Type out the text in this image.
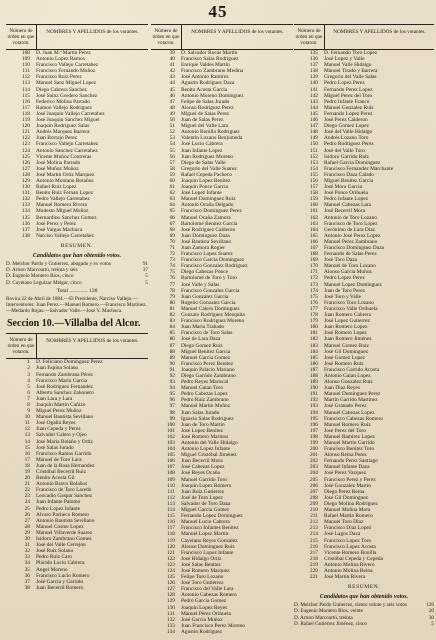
45
Número de órden en que votaron.
NOMBRES Y APELLIDOS de los votantes.
108	D. Juan M.ª Martin Perez
109	Antonio Lopez Ramos
110	Francisco Vallejo Carretahez
111	Francisco Fernando Muñoz
112	Francisco Ruiz Perez
113	Manuel Sanz Miguel Lopez
114	Diego Cabrera Sanchez
115	José Sainz Gordero Sanchez
116	Federico Molina Parrado
117	Ramon Vallejo Rodriguez
118	José Joaquin Vallejo Carretahez
119	José Joaquin Sanchez Miguel
120	Joaquin Rodriguez Salas
121	Andrés Marquez Barrera
122	Juan Borrajo Perez
123	Francisco Vallejo Carretahez
124	Antonio Sanchez Carretahez
125	Vicente Muñoz Contreras
126	José Molina Parrado
127	José Muñoz Muñoz
128	José Martin Ortiz Marquez
129	Antonio Montano Bolaños
130	Rafael Ruiz Lopez
131	Benito Ruiz Fernan Lopez
132	Pedro Vallejo Carretahez
133	Manuel Romero Rivera
134	Modesto Miguel Muñoz
135	Bernardino Sanchez Gomez
136	José Perez y Perez
137	José Vargas Machuca
138	Narciso Vallejo Carretahez
RESUMEN.
Candidatos que han obtenido votos.
D. Melchor Pardo y Gutierrez, abogado y ex votos	91
D. Arturo Marcoartú, treinta y seis	37
D. Eugenio Montero Ríos, cinco	5
D. Cayetano Leguizar Melgar, cinco	5
Total ............. 138
Rovira 22 de Abril de 1884.—El Presidente, Narciso Vallejo.—Interventores: Juan Perez.—Manuel Romero.—Francisco Martinez.—Medardo Rojas.—Salvador Valle.—José Y. Machuca.
Seccion 10.—Villalba del Alcor.
Número de órden en que votaron.
NOMBRES Y APELLIDOS de los votantes.
1	D. Feliciano Dominguez Perez
2	Juan Espina Solano
3	Fernando Zambrana Pérez
4	Francisco Marin Garcia
5	José Rodriguez Fernandez
6	Alberto Sanchez Zahonero
7	Juan Lara y Lara
8	Joaquin Martin Cañizo
9	Miguel Perez Muñoz
10	Manuel Bautista Sevillano
11	José Ogalla Reyes
12	Juan Cepeda y Perez
13	Salvador Calero y Ojeo
14	José Maria Bolaño y Ortiz
15	José Salas Jurado
16	Francisco Ramos Garrido
17	Manuel de Toro Lara
18	Juan de la Rosa Hernandez
19	Cristóbal Becerril Ruiz
20	Benito Acosta Gil
21	Antonio Bravo Bolaños
22	Francisco de Toro Laredo
23	Leocadio Gaspar Sanchez
24	Juan Infante Palomo
25	Pedro Lopez Infante
26	Alvaro Pacheco Romero
27	Antonio Bautista Sevillano
28	Manuel Cosme Lopez
29	Manuel Villaverde Suarez
30	Isidoro Zambrano Gomez
31	José del Valle Cerrejon
32	José Ruiz Solano
33	Pedro Ruiz Caro
34	Plácido Lucio Cabrera
35	Angel Moreno
36	Francisco Lucio Romero
37	José Garcia y Garrido
38	Juan Becerril Romero
Número de órden en que votaron.
NOMBRES Y APELLIDOS de los votantes.
39	D. Salvador Rocas Martin
40	Francisco Salas Rodriguez
41	Enrique Valdés Martin
42	Francisco Zambrano Medina
43	José Antonio Ramirez
44	Agustin Rodriguez Daza
45	Benito Acosta Garcia
46	Antonio Moreno Dominguez
47	Felipe de Salas Jurado
48	Alonso Rodriguez Perez
49	Miguel de Salas Perez
50	Juan de Salas Perez
51	Miguel del Valle Lara
52	Antonio Bonilla Rodriguez
53	Valentin Lozano Benjumeda
54	José Lucio Cabrera
55	Juan Infante Lopez
56	Juan Rodriguez Moreno
57	Diego de Salas Valle
58	Gregorio del Valle Suarez
59	Rafael Cepeda Pacheco
60	Joaquin Lopez Benitez
61	Joaquin Ponce Garcia
62	José Lopez Infante
63	Manuel Dominguez Ruiz
64	Antonio Ocaña Delgado
65	Francisco Dominguez Perez
66	Manuel Ocaña Zamora
67	Bartolomé Benitez Garcia
68	José Rodriguez Calderon
69	Juan Dominguez Daza
70	José Bautista Sevillano
71	Juan Zamora Rogier
72	Francisco Lopez Suarez
73	Francisco Garcia Dominguez
74	Francisco Gonzalez Rodriguez
75	Diego Cabezas Ponce
76	Bartolomé de Toro y Toro
77	José Valle y Salas
78	Francisco Gonzalez Garcia
79	Juan Gonzalez Garcia
80	Rogelio Gonzalez Garcia
81	Manuel Calero Dominguez
82	Gonzalo Rodriguez Mezquita
83	Francisco Rodriguez Moreno
84	Juan Maria Trabado
85	Francisco de Toro Salas
86	José de Lara Daza
87	Diego Gomez Ruiz
88	Miguel Benitez Garcia
89	Manuel Garcia Gomez
90	Francisco Perez Benitez
91	Joaquin Palacio Mariano
92	Diego Garrido Zambrano
93	Pedro Reyes Mariscal
94	Manuel Galan Toro
95	Pedro Cabezas Lopez
96	Pedro Ruiz Zambrano
97	Manuel Martin Muñoz
98	Juan Salas Jurado
99	Ignacio Salas Rodriguez
100	Juan de Toro Martin
101	José Lopez Benitez
102	José Romero Marinos
103	Antonio del Valle Hidalgo
104	Antonio Lopez Infante
105	Miguel Cristóbal Jiménez
106	Juan Becerril Mora
107	José Cabezas Lopez
108	José Reyes Ocaña
109	Manuel Garrido Toro
110	Joaquin Lopez Romero
111	Juan Ruiz Gutierrez
112	José de Toro Lopez
113	Salvador de Toro Daza
114	Miguel Garcia Gomez
115	Fernando Lopez Dominguez
116	Manuel Lucio Cabrera
117	Francisco Infantes Benitez
118	Manuel Lopez Martin
119	Cayetano Reyes Gonzalez
120	Alonso Dominguez Ruiz
121	Francisco Lopez Infante
122	José Hidalgo Ortiz
123	José Salas Benitez
124	José Romero Marquez
125	Felipe Toro Lozano
126	José Toro Gutiérrez
127	Francisco del Valle Lara
128	Antonio Cabezas Romero
129	Pedro Garcia Gomez
130	Joaquin Lopez Reyes
131	Manuel Pérez Orihuela
132	José Garcia Muñoz
133	Juan Francisco Perez Moreno
134	Agustin Rodriguez
Número de órden en que votaron.
NOMBRES Y APELLIDOS de los votantes.
135	D. Fernando Toro Lopez
136	José Lopez y Valle
137	Manuel Valle Hidalgo
138	Manuel Tirado y Barrera
139	Gregorio del Valle Salas
140	Pedro Lopez Perez
141	Fernando Perez Lopez
142	Miguel Perez del Toro
143	Pedro Infante Franco
144	Manuel Gonzalez Ruiz
145	Fernando Lopez Perez
146	José Perez Calderon
147	Diego Gomez Lopez
148	José del Valle Hidalgo
149	Andrés Lozano Toro
150	Pedro Rodriguez Perez
151	José del Valle Toro
152	Isidoro Garrido Ruiz
153	Rafael Garcia Dominguez
154	Francisco Fernandez Marchante
155	Francisco Daza Calado
156	Miguel Benitez Garcia
157	José Mora Garcia
158	José Ponce Orihuela
159	Pedro Infante Lopez
160	Manuel Cabezas Lara
161	José Becerril Mora
162	Antonio de Toro Lozano
163	Francisco de Toro Lopez
164	Gerónimo de Lara Diaz
165	Antonio José Perez Lopez
166	Manuel Perez Zambrano
167	Francisco Dominguez Daza
168	Fernando de Salas Perez
169	José Toro Daza
170	Manuel de Toro Lozano
171	Alonso Garcia Muñoz
172	Pedro Lopez Perez
173	Manuel Lopez Dominguez
174	Juan de Toro Perez
175	José Toro y Valle
176	Francisco Toro Lozano
177	Francisco Valle Orihuela
178	Juan Romero Cabrera
179	José Lopez Gutierrez
180	Juan Romero Lopez
181	José Romero Lopez
182	Juan Romero Jiménez
183	Manuel Gomez Ruiz
184	José Gil Dominguez
185	José Gomez Lopez
186	José Romero Ruiz
187	Francisco Garrido Acosta
188	Antonio Galan Lopez
189	Alonso Gonzalez Ruiz
190	Juan Diaz Reyes
191	Manuel Dominguez Perez
192	Martin Garrido Martinez
193	José Granado Perez
194	Manuel Cabezas Lopez
195	Francisco Cabezas Romero
196	Manuel Romero Ruiz
197	José Perez del Toro
198	Manuel Ramirez Lopez
199	Manuel Martin Garrido
200	Francisco Benitez Toro
201	Alonso Reina Perez
202	Fernando Perez Santiago
203	Manuel Infante Daza
204	José Perez Vazquez
205	Francisco Perez y Perez
206	José Gonzalez Martin
207	Diego Perez Reina
208	José Gil Dominguez
209	Diego Molina Rodriguez
210	Manuel Molina Mora
211	Rafael Martin Romero
212	Manuel Toro Diaz
213	Francisco Diaz Lopez
214	José Lagos Daza
215	Francisco Lopez Toro
216	Francisco Lopez Acosta
217	Vicente Romero Bonilla
218	Cristóbal Cepeda y Cepeda
219	Antonio Molina Rivero
220	Antonio Molina Reina
221	José Martin Rivera
RESUMEN.
Candidatos que han obtenido votos.
D. Melchor Pardo Gutierrez, ciento veinte y seis votos	126
D. Eugenio Montero Ríos, veinte	20
D. Arturo Marcoartú, treinta	30
D. Rafael Gutierrez Jiménez, cinco	5
